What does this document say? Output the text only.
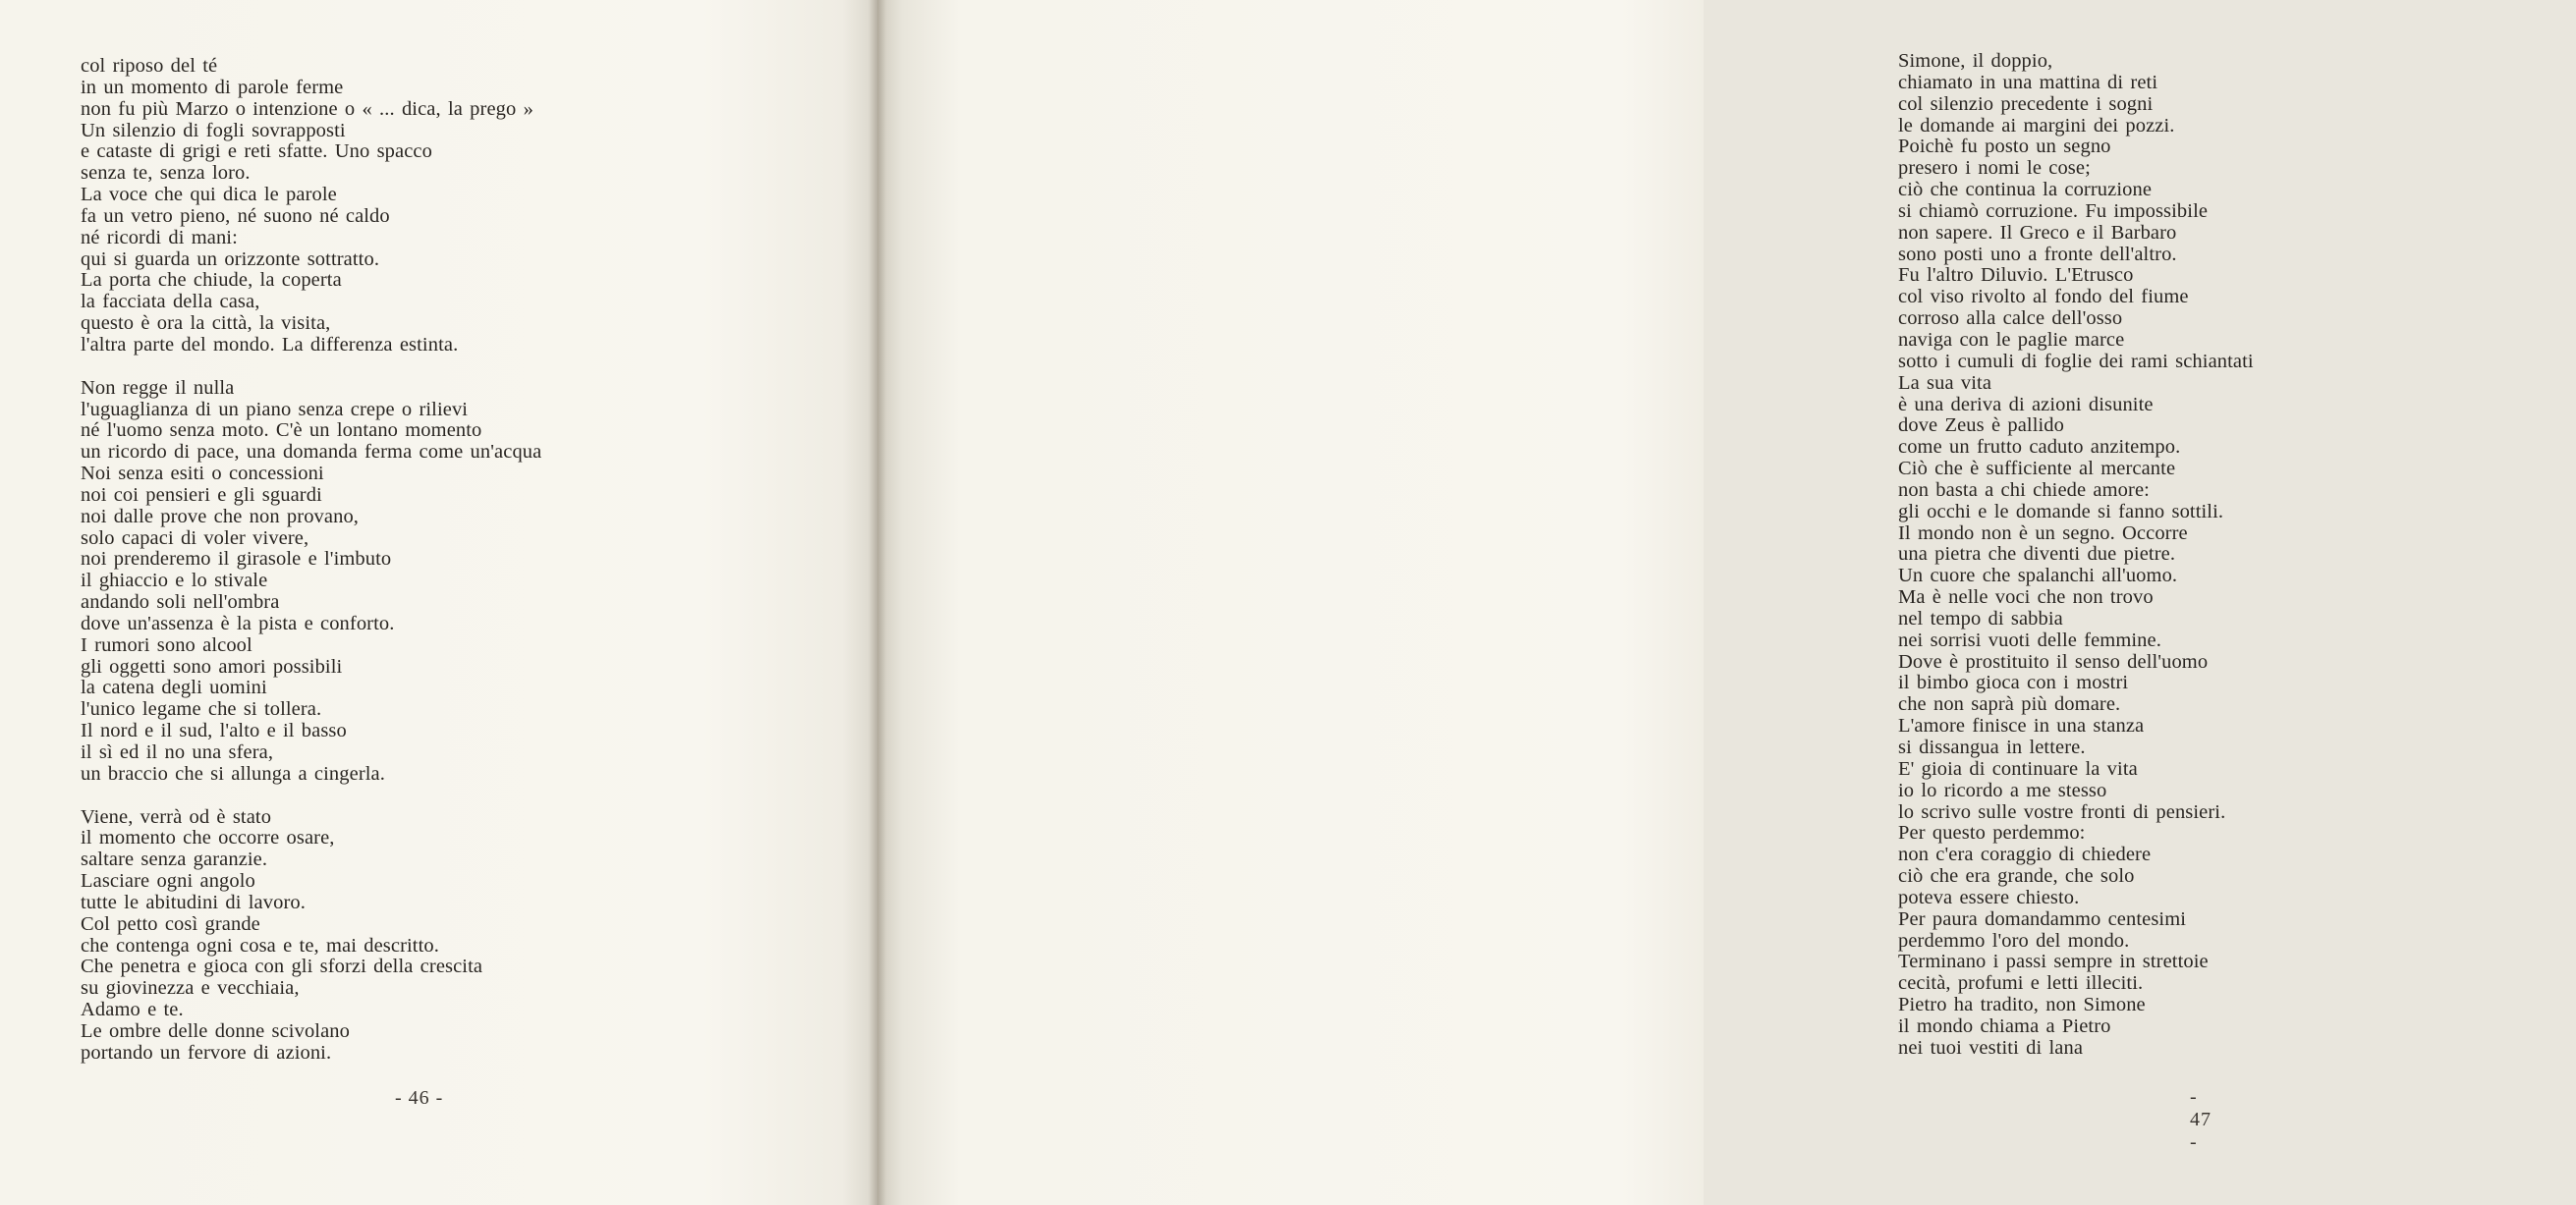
col riposo del té
in un momento di parole ferme
non fu più Marzo o intenzione o « ... dica, la prego »
Un silenzio di fogli sovrapposti
e cataste di grigi e reti sfatte. Uno spacco
senza te, senza loro.
La voce che qui dica le parole
fa un vetro pieno, né suono né caldo
né ricordi di mani:
qui si guarda un orizzonte sottratto.
La porta che chiude, la coperta
la facciata della casa,
questo è ora la città, la visita,
l'altra parte del mondo. La differenza estinta.
Non regge il nulla
l'uguaglianza di un piano senza crepe o rilievi
né l'uomo senza moto. C'è un lontano momento
un ricordo di pace, una domanda ferma come un'acqua
Noi senza esiti o concessioni
noi coi pensieri e gli sguardi
noi dalle prove che non provano,
solo capaci di voler vivere,
noi prenderemo il girasole e l'imbuto
il ghiaccio e lo stivale
andando soli nell'ombra
dove un'assenza è la pista e conforto.
I rumori sono alcool
gli oggetti sono amori possibili
la catena degli uomini
l'unico legame che si tollera.
Il nord e il sud, l'alto e il basso
il sì ed il no una sfera,
un braccio che si allunga a cingerla.
Viene, verrà od è stato
il momento che occorre osare,
saltare senza garanzie.
Lasciare ogni angolo
tutte le abitudini di lavoro.
Col petto così grande
che contenga ogni cosa e te, mai descritto.
Che penetra e gioca con gli sforzi della crescita
su giovinezza e vecchiaia,
Adamo e te.
Le ombre delle donne scivolano
portando un fervore di azioni.
- 46 -
Simone, il doppio,
chiamato in una mattina di reti
col silenzio precedente i sogni
le domande ai margini dei pozzi.
Poichè fu posto un segno
presero i nomi le cose;
ciò che continua la corruzione
si chiamò corruzione. Fu impossibile
non sapere. Il Greco e il Barbaro
sono posti uno a fronte dell'altro.
Fu l'altro Diluvio. L'Etrusco
col viso rivolto al fondo del fiume
corroso alla calce dell'osso
naviga con le paglie marce
sotto i cumuli di foglie dei rami schiantati
La sua vita
è una deriva di azioni disunite
dove Zeus è pallido
come un frutto caduto anzitempo.
Ciò che è sufficiente al mercante
non basta a chi chiede amore:
gli occhi e le domande si fanno sottili.
Il mondo non è un segno. Occorre
una pietra che diventi due pietre.
Un cuore che spalanchi all'uomo.
Ma è nelle voci che non trovo
nel tempo di sabbia
nei sorrisi vuoti delle femmine.
Dove è prostituito il senso dell'uomo
il bimbo gioca con i mostri
che non saprà più domare.
L'amore finisce in una stanza
si dissangua in lettere.
E' gioia di continuare la vita
io lo ricordo a me stesso
lo scrivo sulle vostre fronti di pensieri.
Per questo perdemmo:
non c'era coraggio di chiedere
ciò che era grande, che solo
poteva essere chiesto.
Per paura domandammo centesimi
perdemmo l'oro del mondo.
Terminano i passi sempre in strettoie
cecità, profumi e letti illeciti.
Pietro ha tradito, non Simone
il mondo chiama a Pietro
nei tuoi vestiti di lana
- 47 -
